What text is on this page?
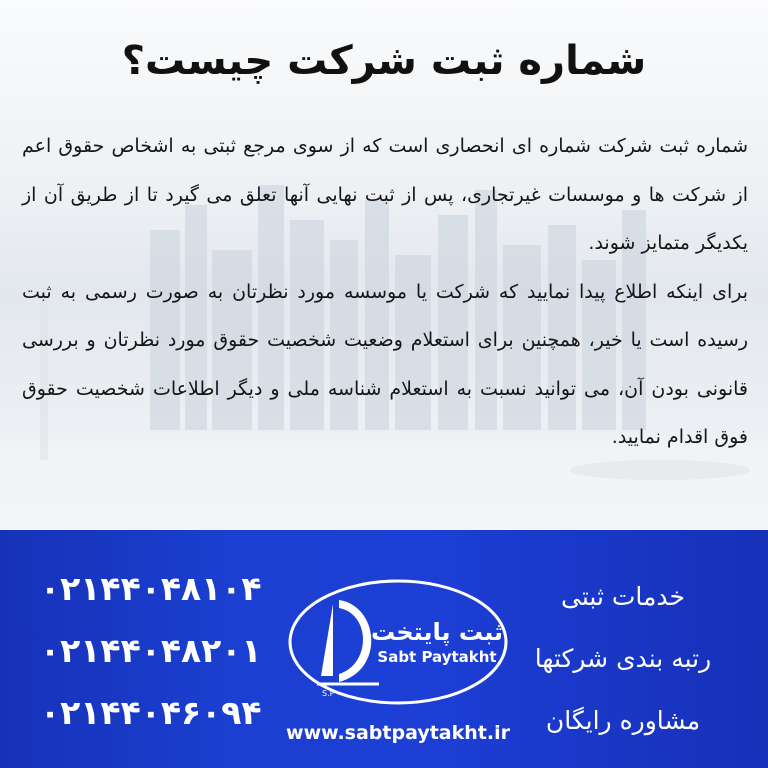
شماره ثبت شرکت چیست؟

شماره ثبت شرکت شماره ای انحصاری است که از سوی مرجع ثبتی به اشخاص حقوق اعم از شرکت ها و موسسات غیرتجاری، پس از ثبت نهایی آنها تعلق می گیرد تا از طریق آن از یکدیگر متمایز شوند.

برای اینکه اطلاع پیدا نمایید که شرکت یا موسسه مورد نظرتان به صورت رسمی به ثبت رسیده است یا خیر، همچنین برای استعلام وضعیت شخصیت حقوق مورد نظرتان و بررسی قانونی بودن آن، می توانید نسبت به استعلام شناسه ملی و دیگر اطلاعات شخصیت حقوق فوق اقدام نمایید.

۰۲۱۴۴۰۴۸۱۰۴
۰۲۱۴۴۰۴۸۲۰۱
۰۲۱۴۴۰۴۶۰۹۴	S.P
ثبت پایتخت
Sabt Paytakht
www.sabtpaytakht.ir
خدمات ثبتی
رتبه بندی شرکتها
مشاوره رایگان
